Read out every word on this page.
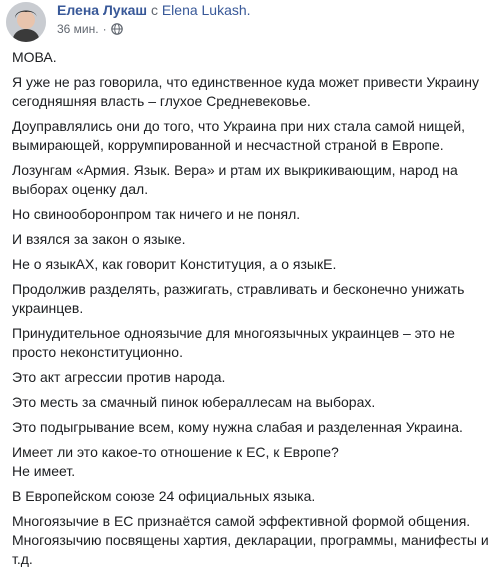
Елена Лукаш с Elena Lukash.
36 мин. ·

МОВА.

Я уже не раз говорила, что единственное куда может привести Украину сегодняшняя власть – глухое Средневековье.

Доуправлялись они до того, что Украина при них стала самой нищей, вымирающей, коррумпированной и несчастной страной в Европе.

Лозунгам «Армия. Язык. Вера» и ртам их выкрикивающим, народ на выборах оценку дал.

Но свинооборонпром так ничего и не понял.

И взялся за закон о языке.

Не о языкАХ, как говорит Конституция, а о языкЕ.

Продолжив разделять, разжигать, стравливать и бесконечно унижать украинцев.

Принудительное одноязычие для многоязычных украинцев – это не просто неконституционно.

Это акт агрессии против народа.

Это месть за смачный пинок юбераллесам на выборах.

Это подыгрывание всем, кому нужна слабая и разделенная Украина.

Имеет ли это какое-то отношение к ЕС, к Европе?
Не имеет.

В Европейском союзе 24 официальных языка.

Многоязычие в ЕС признаётся самой эффективной формой общения. Многоязычию посвящены хартия, декларации, программы, манифесты и т.д.
